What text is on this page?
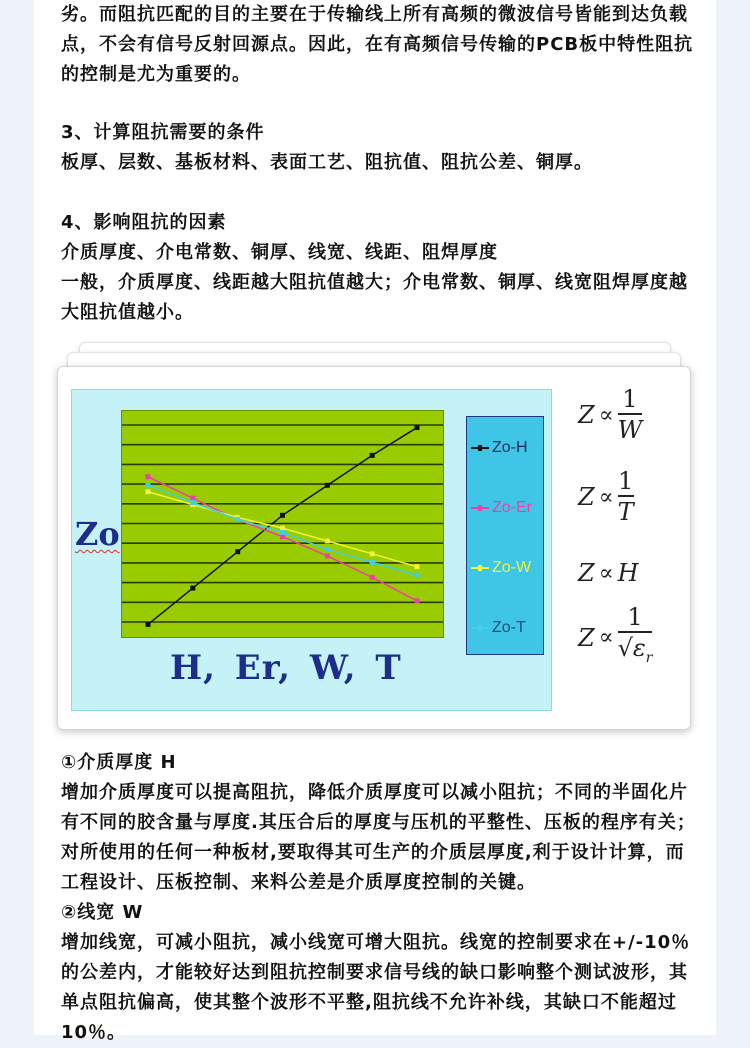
劣。而阻抗匹配的目的主要在于传输线上所有高频的微波信号皆能到达负载点，不会有信号反射回源点。因此，在有高频信号传输的PCB板中特性阻抗的控制是尤为重要的。

3、计算阻抗需要的条件

板厚、层数、基板材料、表面工艺、阻抗值、阻抗公差、铜厚。

4、影响阻抗的因素

介质厚度、介电常数、铜厚、线宽、线距、阻焊厚度

一般，介质厚度、线距越大阻抗值越大；介电常数、铜厚、线宽阻焊厚度越大阻抗值越小。

Zo
H, Er, W, T
Zo-H
Zo-Er
Zo-W
Zo-T
$Z \propto \frac{1}{W}$
$Z \propto \frac{1}{T}$
Z ∝ H
$Z \propto \frac{1}{√\varepsilon_r}$

①介质厚度 H

增加介质厚度可以提高阻抗，降低介质厚度可以减小阻抗；不同的半固化片有不同的胶含量与厚度.其压合后的厚度与压机的平整性、压板的程序有关；对所使用的任何一种板材,要取得其可生产的介质层厚度,利于设计计算，而工程设计、压板控制、来料公差是介质厚度控制的关键。

②线宽 W

增加线宽，可减小阻抗，减小线宽可增大阻抗。线宽的控制要求在+/-10％的公差内，才能较好达到阻抗控制要求信号线的缺口影响整个测试波形，其单点阻抗偏高，使其整个波形不平整,阻抗线不允许补线，其缺口不能超过10％。
